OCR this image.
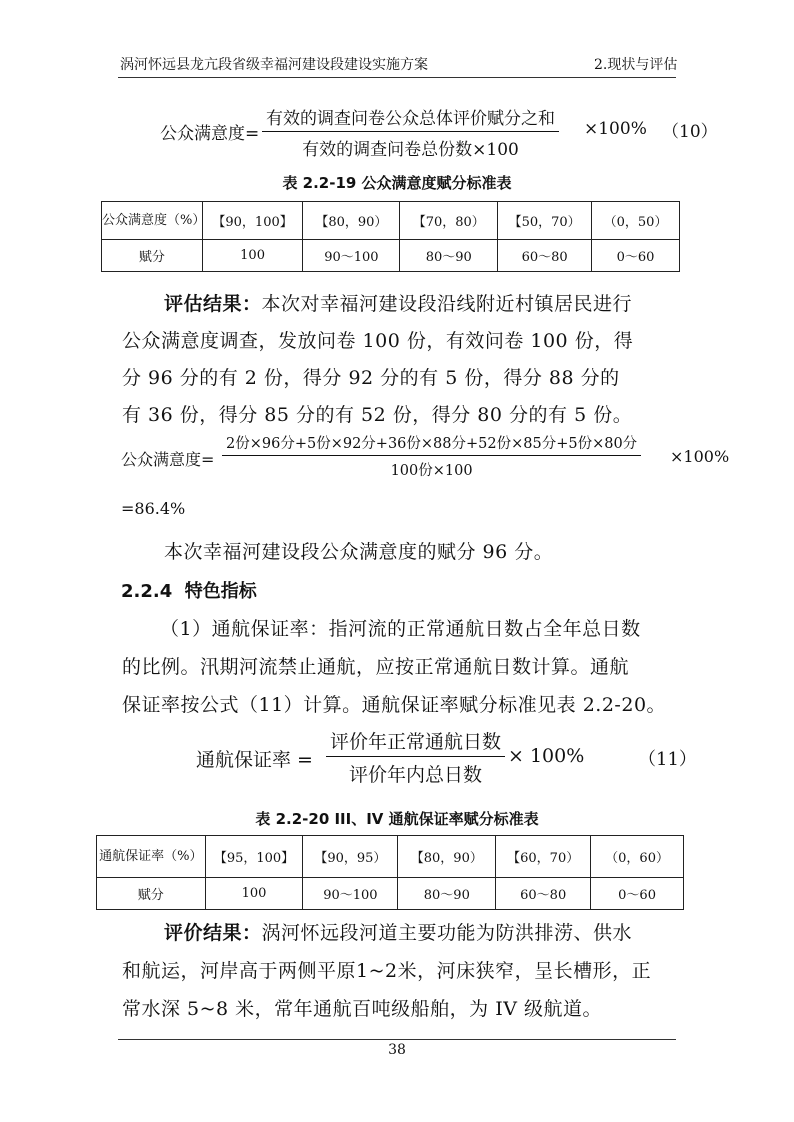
涡河怀远县龙亢段省级幸福河建设段建设实施方案	2.现状与评估
公众满意度=
有效的调查问卷公众总体评价赋分之和
有效的调查问卷总份数×100
×100% （10）
表 2.2-19 公众满意度赋分标准表
公众满意度（%）	【90，100】	【80，90）	【70，80）	【50，70）	（0，50）
赋分	100	90～100	80～90	60～80	0～60
评估结果：本次对幸福河建设段沿线附近村镇居民进行
公众满意度调查，发放问卷 100 份，有效问卷 100 份，得
分 96 分的有 2 份，得分 92 分的有 5 份，得分 88 分的
有 36 份，得分 85 分的有 52 份，得分 80 分的有 5 份。
公众满意度=
2份×96分+5份×92分+36份×88分+52份×85分+5份×80分
100份×100
×100%
=86.4%
本次幸福河建设段公众满意度的赋分 96 分。
2.2.4 特色指标
（1）通航保证率：指河流的正常通航日数占全年总日数
的比例。汛期河流禁止通航，应按正常通航日数计算。通航
保证率按公式（11）计算。通航保证率赋分标准见表 2.2-20。
通航保证率 =
评价年正常通航日数
评价年内总日数
× 100%	（11）
表 2.2-20 III、IV 通航保证率赋分标准表
通航保证率（%）	【95，100】	【90，95）	【80，90）	【60，70）	（0，60）
赋分	100	90～100	80～90	60～80	0～60
评价结果：涡河怀远段河道主要功能为防洪排涝、供水
和航运，河岸高于两侧平原1~2米，河床狭窄，呈长槽形，正
常水深 5~8 米，常年通航百吨级船舶，为 IV 级航道。
38
